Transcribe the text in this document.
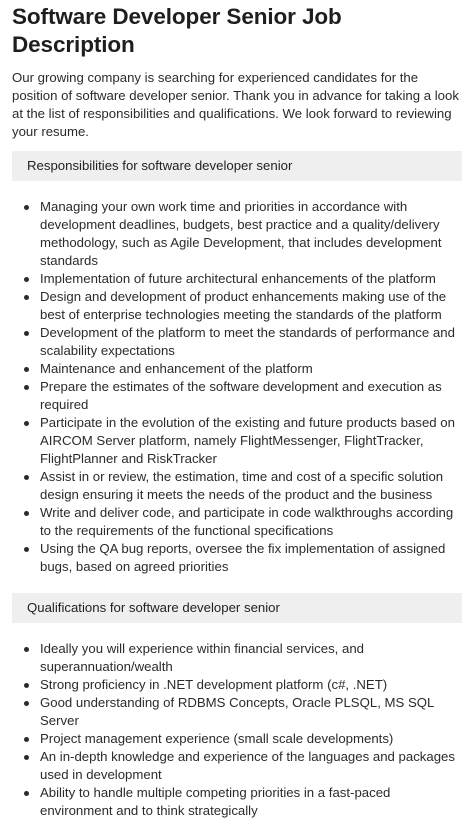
Software Developer Senior Job Description

Our growing company is searching for experienced candidates for the position of software developer senior. Thank you in advance for taking a look at the list of responsibilities and qualifications. We look forward to reviewing your resume.

Responsibilities for software developer senior
Managing your own work time and priorities in accordance with development deadlines, budgets, best practice and a quality/delivery methodology, such as Agile Development, that includes development standards
Implementation of future architectural enhancements of the platform
Design and development of product enhancements making use of the best of enterprise technologies meeting the standards of the platform
Development of the platform to meet the standards of performance and scalability expectations
Maintenance and enhancement of the platform
Prepare the estimates of the software development and execution as required
Participate in the evolution of the existing and future products based on AIRCOM Server platform, namely FlightMessenger, FlightTracker, FlightPlanner and RiskTracker
Assist in or review, the estimation, time and cost of a specific solution design ensuring it meets the needs of the product and the business
Write and deliver code, and participate in code walkthroughs according to the requirements of the functional specifications
Using the QA bug reports, oversee the fix implementation of assigned bugs, based on agreed priorities
Qualifications for software developer senior
Ideally you will experience within financial services, and superannuation/wealth
Strong proficiency in .NET development platform (c#, .NET)
Good understanding of RDBMS Concepts, Oracle PLSQL, MS SQL Server
Project management experience (small scale developments)
An in-depth knowledge and experience of the languages and packages used in development
Ability to handle multiple competing priorities in a fast-paced environment and to think strategically
